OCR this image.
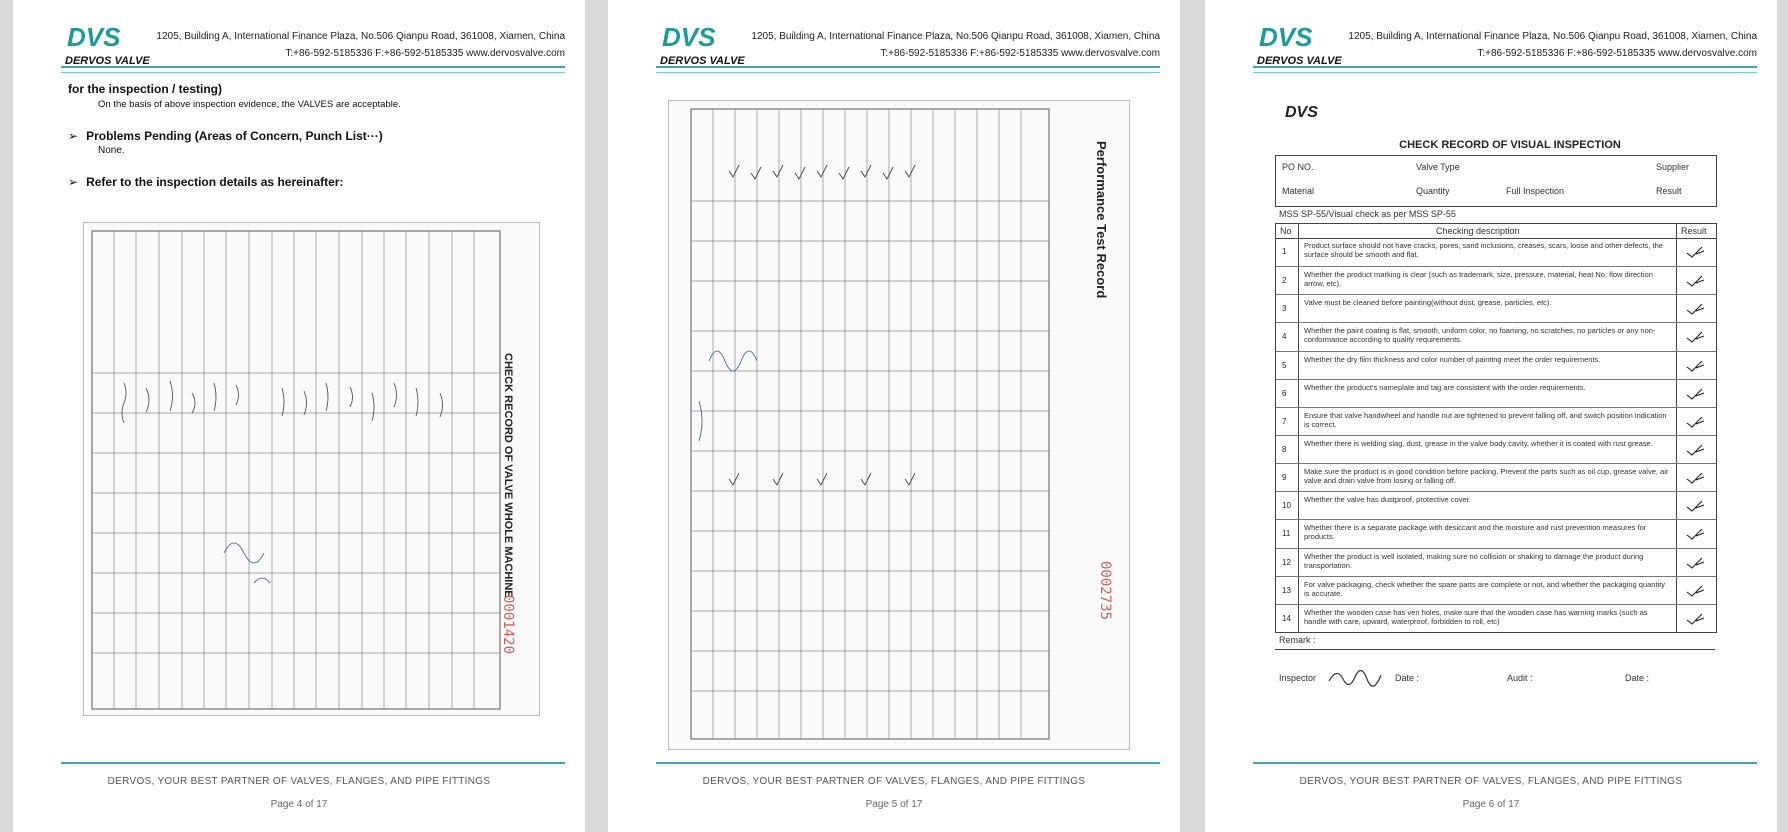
DVS
DERVOS VALVE
1205, Building A, International Finance Plaza, No.506 Qianpu Road, 361008, Xiamen, China
T:+86-592-5185336 F:+86-592-5185335 www.dervosvalve.com
for the inspection / testing)
On the basis of above inspection evidence, the VALVES are acceptable.
➢ Problems Pending (Areas of Concern, Punch List···)
None.
➢ Refer to the inspection details as hereinafter:
CHECK RECORD OF VALVE WHOLE MACHINE
0001420
DERVOS, YOUR BEST PARTNER OF VALVES, FLANGES, AND PIPE FITTINGS
Page 4 of 17
DVS
DERVOS VALVE
1205, Building A, International Finance Plaza, No.506 Qianpu Road, 361008, Xiamen, China
T:+86-592-5185336 F:+86-592-5185335 www.dervosvalve.com
Performance Test Record
0002735
DERVOS, YOUR BEST PARTNER OF VALVES, FLANGES, AND PIPE FITTINGS
Page 5 of 17
DVS
DERVOS VALVE
1205, Building A, International Finance Plaza, No.506 Qianpu Road, 361008, Xiamen, China
T:+86-592-5185336 F:+86-592-5185335 www.dervosvalve.com
DVS
CHECK RECORD OF VISUAL INSPECTION
PO NO.	Valve Type	Supplier
Material	Quantity	Full Inspection	Result
MSS SP-55/Visual check as per MSS SP-55
No	Checking description	Result
1
Product surface should not have cracks, pores, sand inclusions, creases, scars, loose and other defects, the surface should be smooth and flat.
2
Whether the product marking is clear (such as trademark, size, pressure, material, heat No, flow direction arrow, etc).
3
Valve must be cleaned before painting(without dust, grease, particles, etc).
4
Whether the paint coating is flat, smooth, uniform color, no foaming, no scratches, no particles or any non-conformance according to quality requirements.
5
Whether the dry film thickness and color number of painting meet the order requirements.
6
Whether the product's nameplate and tag are consistent with the order requirements.
7
Ensure that valve handwheel and handle nut are tightened to prevent falling off, and switch position indication is correct.
8
Whether there is welding slag, dust, grease in the valve body cavity, whether it is coated with rust grease.
9
Make sure the product is in good condition before packing. Prevent the parts such as oil cup, grease valve, air valve and drain valve from losing or falling off.
10
Whether the valve has dustproof, protective cover.
11
Whether there is a separate package with desiccant and the moisture and rust prevention measures for products.
12
Whether the product is well isolated, making sure no collision or shaking to damage the product during transportation.
13
For valve packaging, check whether the spare parts are complete or not, and whether the packaging quantity is accurate.
14
Whether the wooden case has ven holes, make sure that the wooden case has warning marks (such as handle with care, upward, waterproof, forbidden to roll, etc)
Remark :
Inspector	Date :	Audit :	Date :
DERVOS, YOUR BEST PARTNER OF VALVES, FLANGES, AND PIPE FITTINGS
Page 6 of 17
